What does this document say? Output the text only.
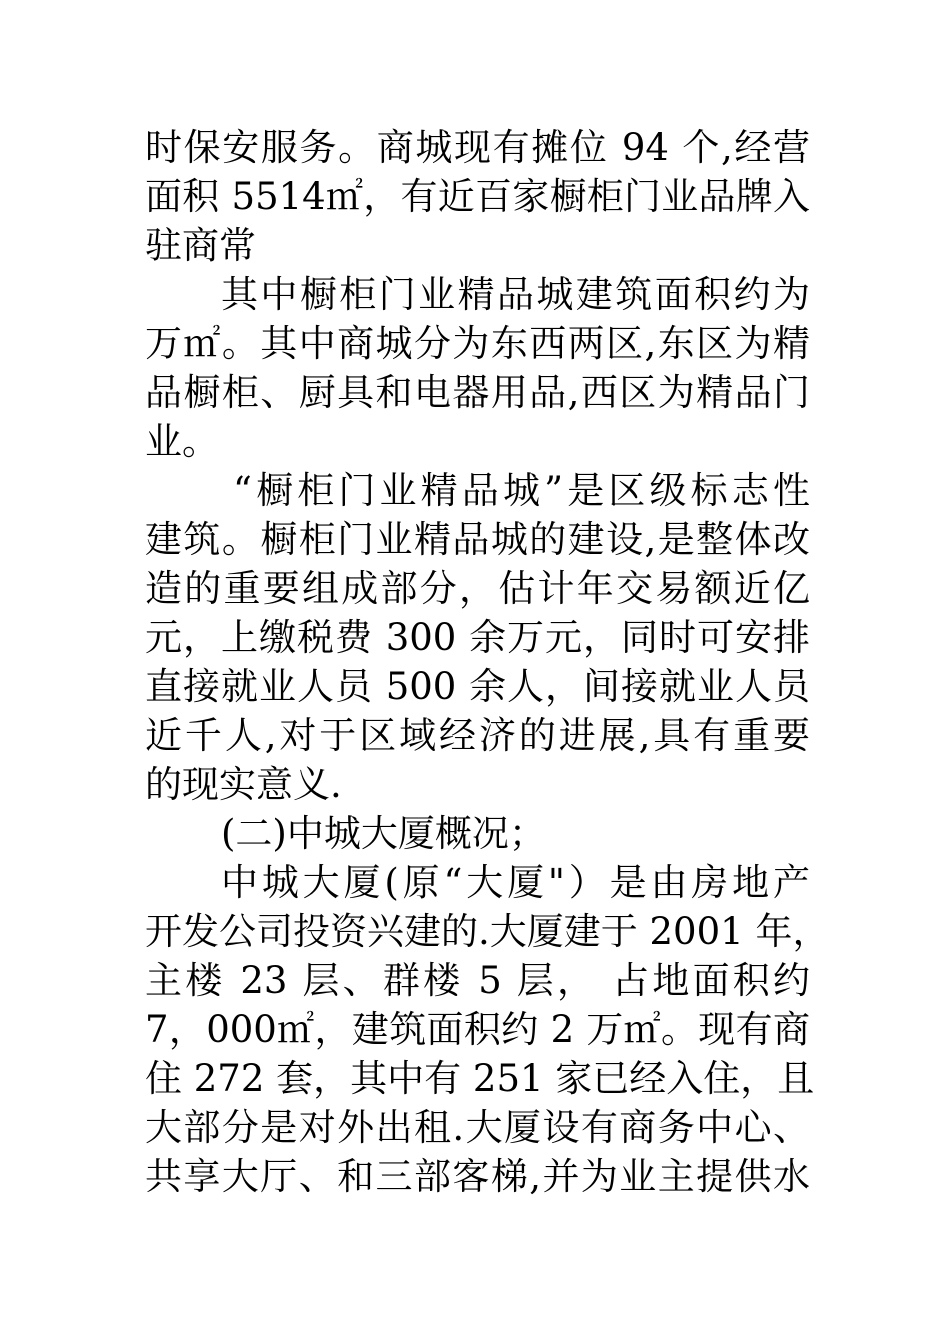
时保安服务。商城现有摊位 94 个,经营
面积 5514㎡，有近百家橱柜门业品牌入
驻商常
其中橱柜门业精品城建筑面积约为
万㎡。其中商城分为东西两区,东区为精
品橱柜、厨具和电器用品,西区为精品门
业。
“橱柜门业精品城”是区级标志性
建筑。橱柜门业精品城的建设,是整体改
造的重要组成部分，估计年交易额近亿
元，上缴税费 300 余万元，同时可安排
直接就业人员 500 余人，间接就业人员
近千人,对于区域经济的进展,具有重要
的现实意义.
(二)中城大厦概况；
中城大厦(原“大厦"）是由房地产
开发公司投资兴建的.大厦建于 2001 年，
主楼 23 层、群楼 5 层， 占地面积约
7，000㎡，建筑面积约 2 万㎡。现有商
住 272 套，其中有 251 家已经入住，且
大部分是对外出租.大厦设有商务中心、
共享大厅、和三部客梯,并为业主提供水
